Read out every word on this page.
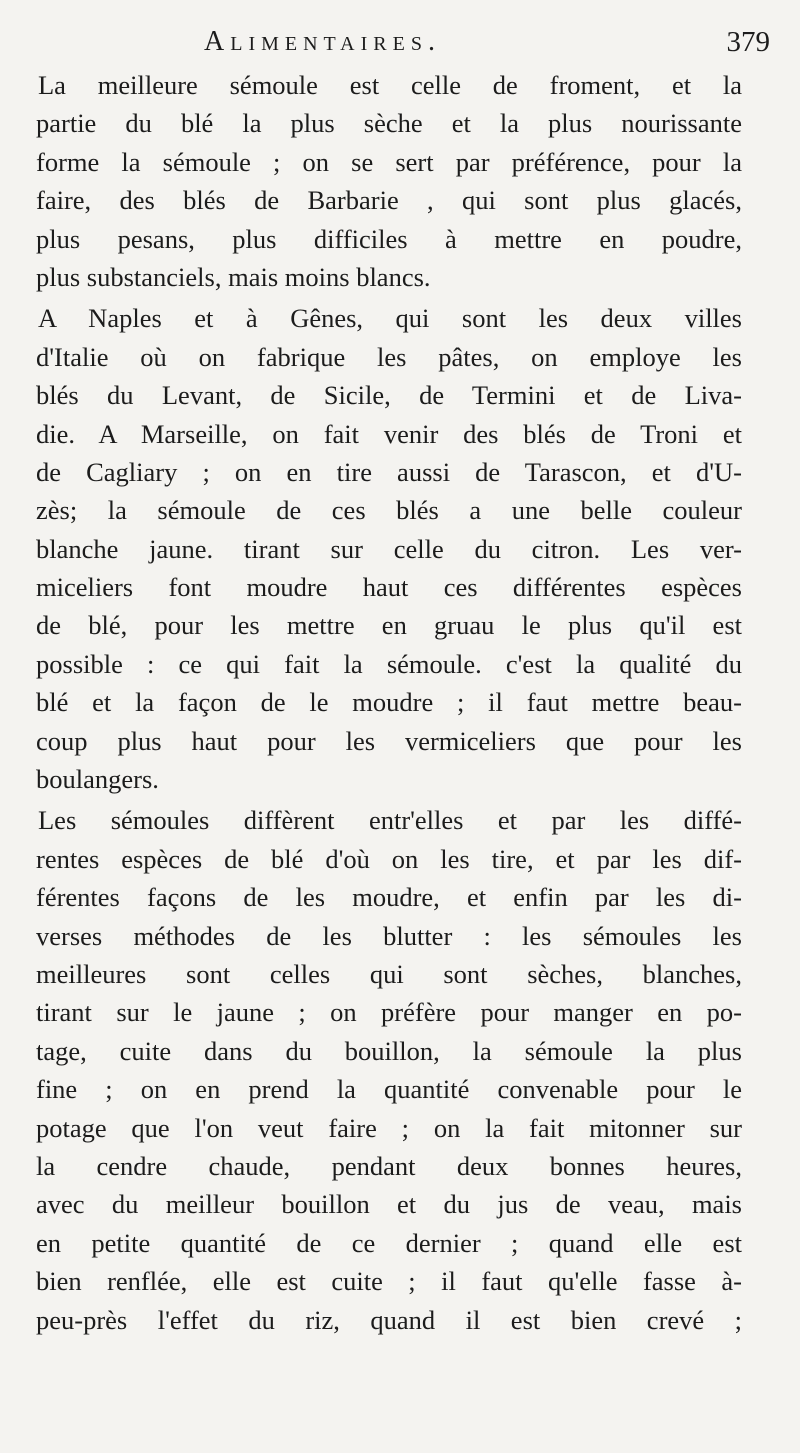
Alimentaires.	379
La meilleure sémoule est celle de froment, et la
partie du blé la plus sèche et la plus nourissante
forme la sémoule ; on se sert par préférence, pour la
faire, des blés de Barbarie , qui sont plus glacés,
plus pesans, plus difficiles à mettre en poudre,
plus substanciels, mais moins blancs.
A Naples et à Gênes, qui sont les deux villes
d'Italie où on fabrique les pâtes, on employe les
blés du Levant, de Sicile, de Termini et de Liva-
die. A Marseille, on fait venir des blés de Troni et
de Cagliary ; on en tire aussi de Tarascon, et d'U-
zès; la sémoule de ces blés a une belle couleur
blanche jaune. tirant sur celle du citron. Les ver-
miceliers font moudre haut ces différentes espèces
de blé, pour les mettre en gruau le plus qu'il est
possible : ce qui fait la sémoule. c'est la qualité du
blé et la façon de le moudre ; il faut mettre beau-
coup plus haut pour les vermiceliers que pour les
boulangers.
Les sémoules diffèrent entr'elles et par les diffé-
rentes espèces de blé d'où on les tire, et par les dif-
férentes façons de les moudre, et enfin par les di-
verses méthodes de les blutter : les sémoules les
meilleures sont celles qui sont sèches, blanches,
tirant sur le jaune ; on préfère pour manger en po-
tage, cuite dans du bouillon, la sémoule la plus
fine ; on en prend la quantité convenable pour le
potage que l'on veut faire ; on la fait mitonner sur
la cendre chaude, pendant deux bonnes heures,
avec du meilleur bouillon et du jus de veau, mais
en petite quantité de ce dernier ; quand elle est
bien renflée, elle est cuite ; il faut qu'elle fasse à-
peu-près l'effet du riz, quand il est bien crevé ;
